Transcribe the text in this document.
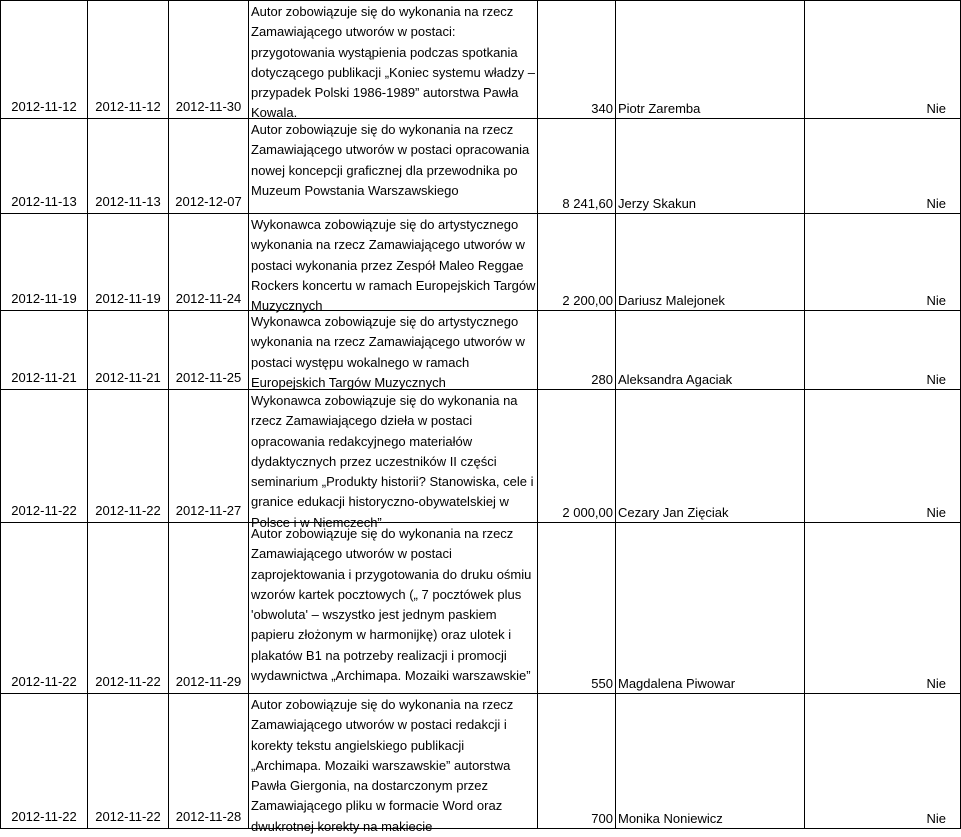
2012-11-12	2012-11-12	2012-11-30	Autor zobowiązuje się do wykonania na rzecz Zamawiającego utworów w postaci: przygotowania wystąpienia podczas spotkania dotyczącego publikacji „Koniec systemu władzy – przypadek Polski 1986-1989” autorstwa Pawła Kowala.	340	Piotr Zaremba	Nie
2012-11-13	2012-11-13	2012-12-07	Autor zobowiązuje się do wykonania na rzecz Zamawiającego utworów w postaci opracowania nowej koncepcji graficznej dla przewodnika po Muzeum Powstania Warszawskiego	8 241,60	Jerzy Skakun	Nie
2012-11-19	2012-11-19	2012-11-24	Wykonawca zobowiązuje się do artystycznego wykonania na rzecz Zamawiającego utworów w postaci wykonania przez Zespół Maleo Reggae Rockers koncertu w ramach Europejskich Targów Muzycznych	2 200,00	Dariusz Malejonek	Nie
2012-11-21	2012-11-21	2012-11-25	Wykonawca zobowiązuje się do artystycznego wykonania na rzecz Zamawiającego utworów w postaci występu wokalnego w ramach Europejskich Targów Muzycznych	280	Aleksandra Agaciak	Nie
2012-11-22	2012-11-22	2012-11-27	Wykonawca zobowiązuje się do wykonania na rzecz Zamawiającego dzieła w postaci opracowania redakcyjnego materiałów dydaktycznych przez uczestników II części seminarium „Produkty historii? Stanowiska, cele i granice edukacji historyczno-obywatelskiej w Polsce i w Niemczech”	2 000,00	Cezary Jan Zięciak	Nie
2012-11-22	2012-11-22	2012-11-29	Autor zobowiązuje się do wykonania na rzecz Zamawiającego utworów w postaci zaprojektowania i przygotowania do druku ośmiu wzorów kartek pocztowych („ 7 pocztówek plus 'obwoluta' – wszystko jest jednym paskiem papieru złożonym w harmonijkę) oraz ulotek i plakatów B1 na potrzeby realizacji i promocji wydawnictwa „Archimapa. Mozaiki warszawskie”	550	Magdalena Piwowar	Nie
2012-11-22	2012-11-22	2012-11-28	Autor zobowiązuje się do wykonania na rzecz Zamawiającego utworów w postaci redakcji i korekty tekstu angielskiego publikacji „Archimapa. Mozaiki warszawskie” autorstwa Pawła Giergonia, na dostarczonym przez Zamawiającego pliku w formacie Word oraz dwukrotnej korekty na makiecie	700	Monika Noniewicz	Nie
